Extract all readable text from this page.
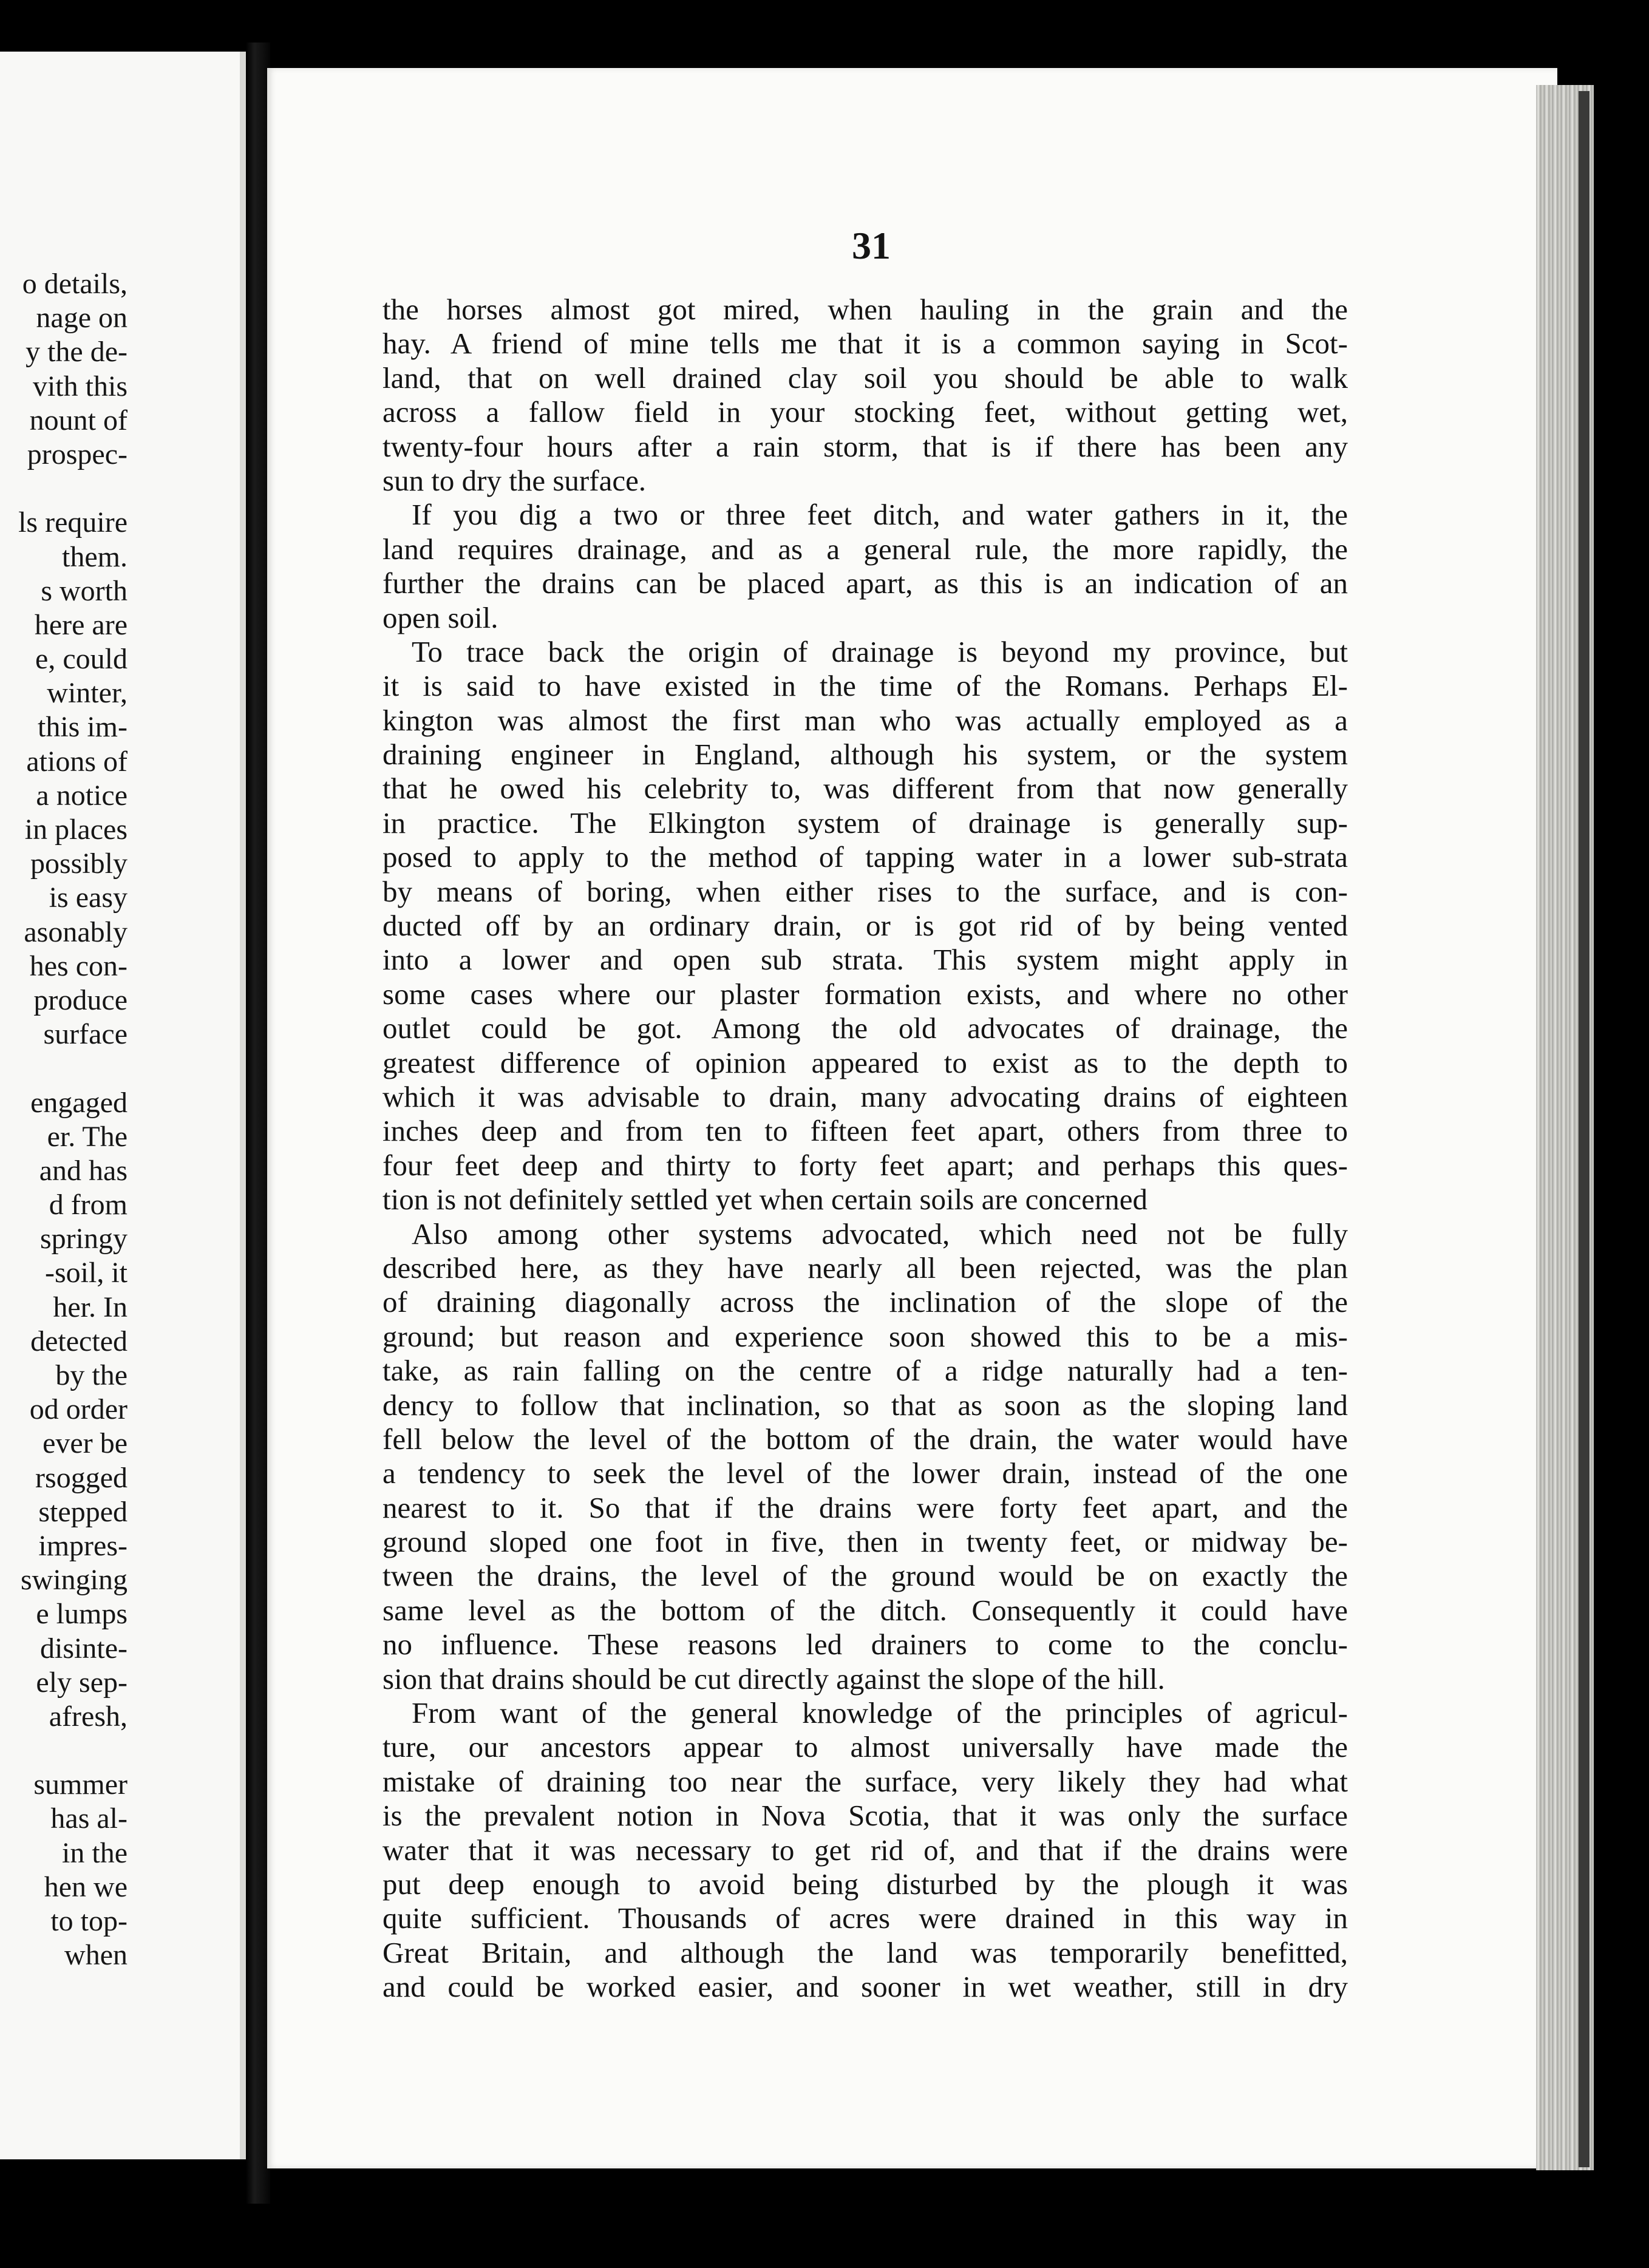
o details,
nage on
y the de-
vith this
nount of
prospec-
ls require
them.
s worth
here are
e, could
winter,
this im-
ations of
a notice
in places
possibly
is easy
asonably
hes con-
produce
surface
engaged
er. The
and has
d from
springy
-soil, it
her. In
detected
by the
od order
ever be
rsogged
stepped
impres-
swinging
e lumps
disinte-
ely sep-
afresh,
summer
has al-
in the
hen we
to top-
when
31
the horses almost got mired, when hauling in the grain and the
hay. A friend of mine tells me that it is a common saying in Scot-
land, that on well drained clay soil you should be able to walk
across a fallow field in your stocking feet, without getting wet,
twenty-four hours after a rain storm, that is if there has been any
sun to dry the surface.
If you dig a two or three feet ditch, and water gathers in it, the
land requires drainage, and as a general rule, the more rapidly, the
further the drains can be placed apart, as this is an indication of an
open soil.
To trace back the origin of drainage is beyond my province, but
it is said to have existed in the time of the Romans. Perhaps El-
kington was almost the first man who was actually employed as a
draining engineer in England, although his system, or the system
that he owed his celebrity to, was different from that now generally
in practice. The Elkington system of drainage is generally sup-
posed to apply to the method of tapping water in a lower sub-strata
by means of boring, when either rises to the surface, and is con-
ducted off by an ordinary drain, or is got rid of by being vented
into a lower and open sub strata. This system might apply in
some cases where our plaster formation exists, and where no other
outlet could be got. Among the old advocates of drainage, the
greatest difference of opinion appeared to exist as to the depth to
which it was advisable to drain, many advocating drains of eighteen
inches deep and from ten to fifteen feet apart, others from three to
four feet deep and thirty to forty feet apart; and perhaps this ques-
tion is not definitely settled yet when certain soils are concerned
Also among other systems advocated, which need not be fully
described here, as they have nearly all been rejected, was the plan
of draining diagonally across the inclination of the slope of the
ground; but reason and experience soon showed this to be a mis-
take, as rain falling on the centre of a ridge naturally had a ten-
dency to follow that inclination, so that as soon as the sloping land
fell below the level of the bottom of the drain, the water would have
a tendency to seek the level of the lower drain, instead of the one
nearest to it. So that if the drains were forty feet apart, and the
ground sloped one foot in five, then in twenty feet, or midway be-
tween the drains, the level of the ground would be on exactly the
same level as the bottom of the ditch. Consequently it could have
no influence. These reasons led drainers to come to the conclu-
sion that drains should be cut directly against the slope of the hill.
From want of the general knowledge of the principles of agricul-
ture, our ancestors appear to almost universally have made the
mistake of draining too near the surface, very likely they had what
is the prevalent notion in Nova Scotia, that it was only the surface
water that it was necessary to get rid of, and that if the drains were
put deep enough to avoid being disturbed by the plough it was
quite sufficient. Thousands of acres were drained in this way in
Great Britain, and although the land was temporarily benefitted,
and could be worked easier, and sooner in wet weather, still in dry
